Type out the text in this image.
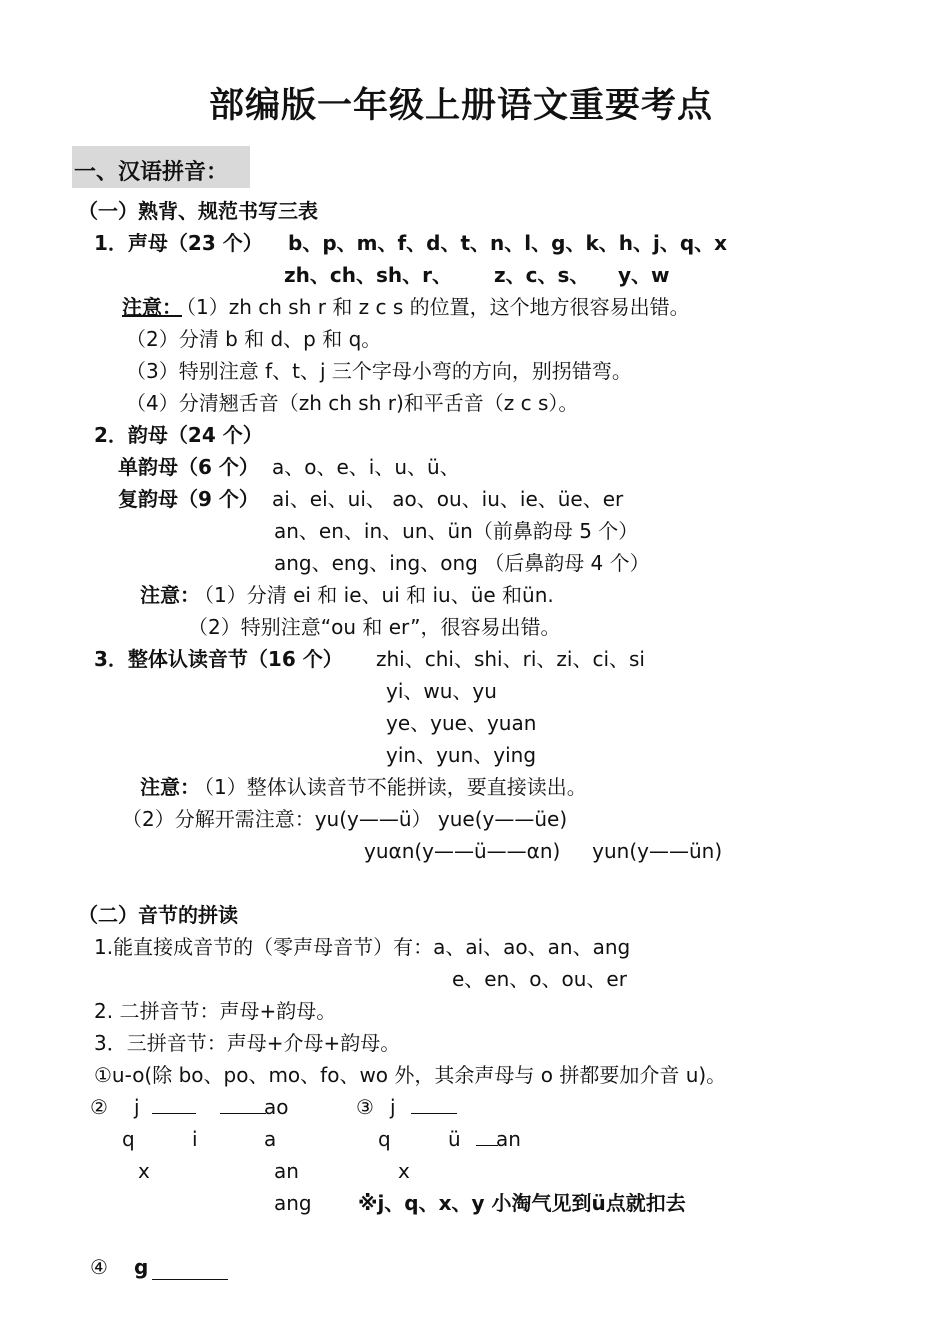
部编版一年级上册语文重要考点
一、汉语拼音：
（一）熟背、规范书写三表
1．声母（23 个） b、p、m、f、d、t、n、l、g、k、h、j、q、x
zh、ch、sh、r、 z、c、s、 y、w
注意：
（1）zh ch sh r 和 z c s 的位置，这个地方很容易出错。
（2）分清 b 和 d、p 和 q。
（3）特别注意 f、t、j 三个字母小弯的方向，别拐错弯。
（4）分清翘舌音（zh ch sh r)和平舌音（z c s）。
2．韵母（24 个）
单韵母（6 个） a、o、e、i、u、ü、
复韵母（9 个） ai、ei、ui、 ao、ou、iu、ie、üe、er
an、en、in、un、ün（前鼻韵母 5 个）
ang、eng、ing、ong （后鼻韵母 4 个）
注意：
（1）分清 ei 和 ie、ui 和 iu、üe 和ün.
（2）特别注意“ou 和 er”，很容易出错。
3．整体认读音节（16 个） zhi、chi、shi、ri、zi、ci、si
yi、wu、yu
ye、yue、yuan
yin、yun、ying
注意：
（1）整体认读音节不能拼读，要直接读出。
（2）分解开需注意：yu(y——ü） yue(y——üe)
yuαn(y——ü——αn)     yun(y——ün)
（二）音节的拼读
1.能直接成音节的（零声母音节）有：a、ai、ao、an、ang
e、en、o、ou、er
2. 二拼音节：声母+韵母。
3．三拼音节：声母+介母+韵母。
①u-o(除 bo、po、mo、fo、wo 外，其余声母与 o 拼都要加介音 u)。
② j	ao
q	i	a
x	an
ang
③ j
q	ü an
x
※j、q、x、y 小淘气见到ü点就扣去
④ g
